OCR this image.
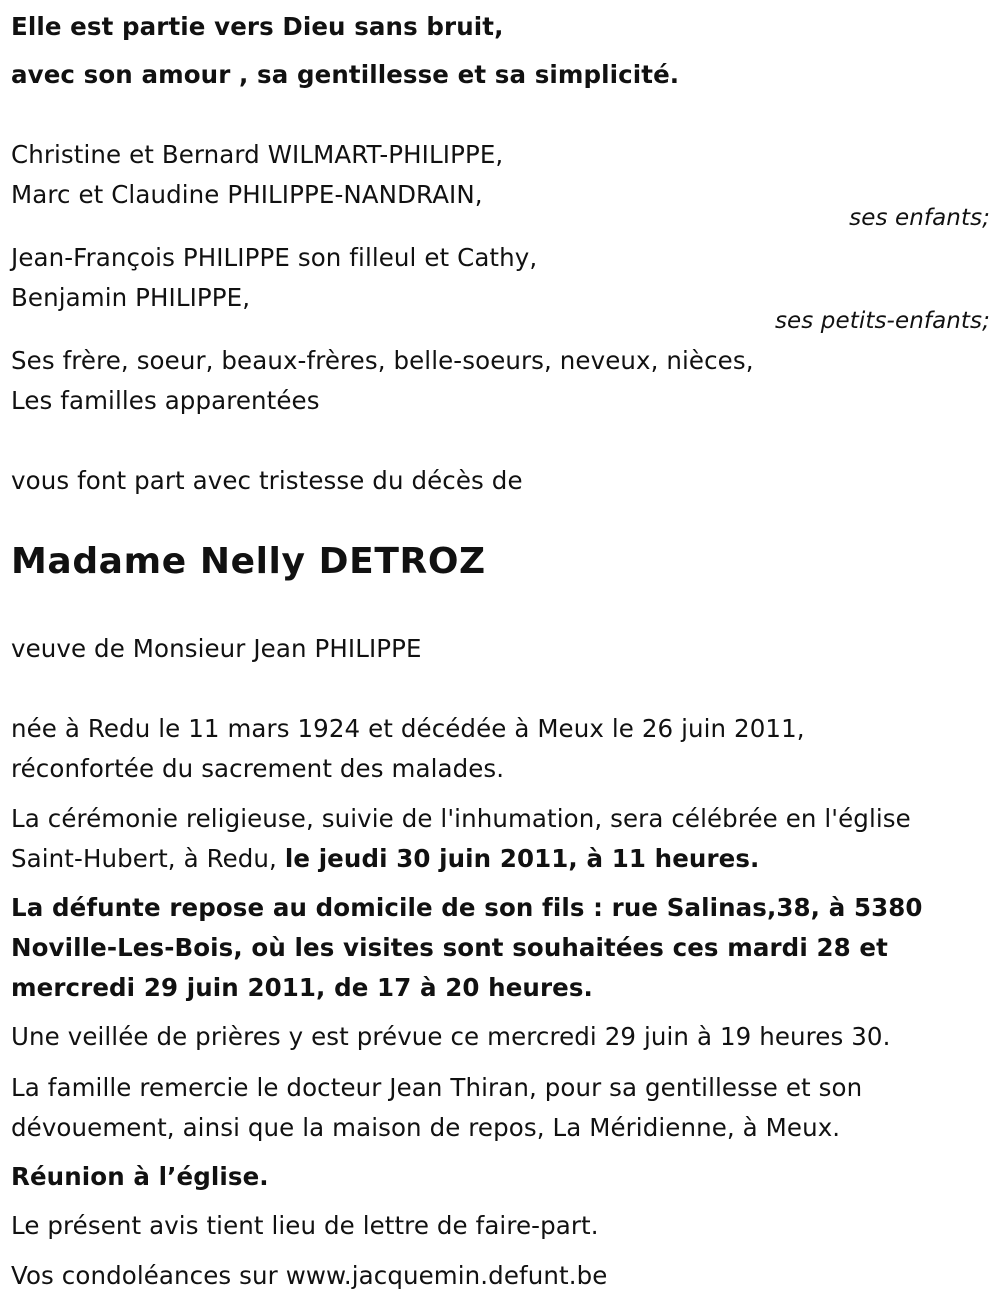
Elle est partie vers Dieu sans bruit,
avec son amour , sa gentillesse et sa simplicité.
Christine et Bernard WILMART-PHILIPPE,
Marc et Claudine PHILIPPE-NANDRAIN,
ses enfants;
Jean-François PHILIPPE son filleul et Cathy,
Benjamin PHILIPPE,
ses petits-enfants;
Ses frère, soeur, beaux-frères, belle-soeurs, neveux, nièces,
Les familles apparentées
vous font part avec tristesse du décès de
Madame Nelly DETROZ
veuve de Monsieur Jean PHILIPPE
née à Redu le 11 mars 1924 et décédée à Meux le 26 juin 2011,
réconfortée du sacrement des malades.
La cérémonie religieuse, suivie de l'inhumation, sera célébrée en l'église
Saint-Hubert, à Redu, le jeudi 30 juin 2011, à 11 heures.
La défunte repose au domicile de son fils : rue Salinas,38, à 5380
Noville-Les-Bois, où les visites sont souhaitées ces mardi 28 et
mercredi 29 juin 2011, de 17 à 20 heures.
Une veillée de prières y est prévue ce mercredi 29 juin à 19 heures 30.
La famille remercie le docteur Jean Thiran, pour sa gentillesse et son
dévouement, ainsi que la maison de repos, La Méridienne, à Meux.
Réunion à l’église.
Le présent avis tient lieu de lettre de faire-part.
Vos condoléances sur www.jacquemin.defunt.be
